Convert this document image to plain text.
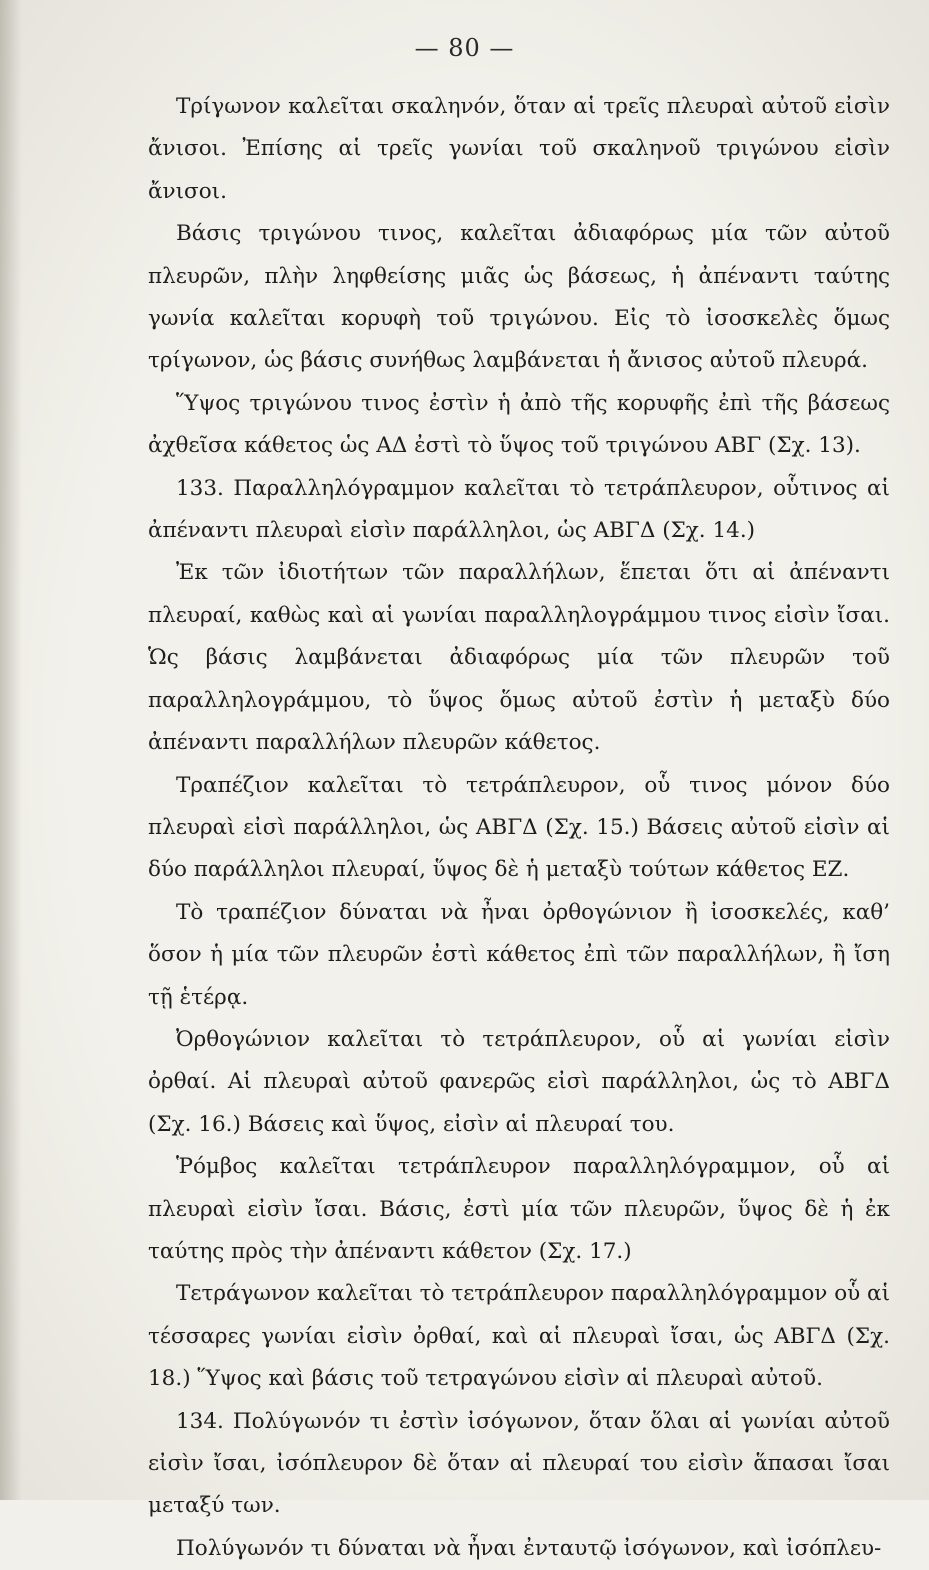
— 80 —

Τρίγωνον καλεῖται σκαληνόν, ὅταν αἱ τρεῖς πλευραὶ αὐτοῦ εἰσὶν ἄνισοι. Ἐπίσης αἱ τρεῖς γωνίαι τοῦ σκαληνοῦ τριγώνου εἰσὶν ἄνισοι.

Βάσις τριγώνου τινος, καλεῖται ἀδιαφόρως μία τῶν αὐτοῦ πλευρῶν, πλὴν ληφθείσης μιᾶς ὡς βάσεως, ἡ ἀπέναντι ταύτης γωνία καλεῖται κορυφὴ τοῦ τριγώνου. Εἰς τὸ ἰσοσκελὲς ὅμως τρίγωνον, ὡς βάσις συνήθως λαμβάνεται ἡ ἄνισος αὐτοῦ πλευρά.

Ὕψος τριγώνου τινος ἐστὶν ἡ ἀπὸ τῆς κορυφῆς ἐπὶ τῆς βάσεως ἀχθεῖσα κάθετος ὡς ΑΔ ἐστὶ τὸ ὕψος τοῦ τριγώνου ΑΒΓ (Σχ. 13).

133. Παραλληλόγραμμον καλεῖται τὸ τετράπλευρον, οὗτινος αἱ ἀπέναντι πλευραὶ εἰσὶν παράλληλοι, ὡς ΑΒΓΔ (Σχ. 14.)

Ἐκ τῶν ἰδιοτήτων τῶν παραλλήλων, ἕπεται ὅτι αἱ ἀπέναντι πλευραί, καθὼς καὶ αἱ γωνίαι παραλληλογράμμου τινος εἰσὶν ἴσαι. Ὡς βάσις λαμβάνεται ἀδιαφόρως μία τῶν πλευρῶν τοῦ παραλληλογράμμου, τὸ ὕψος ὅμως αὐτοῦ ἐστὶν ἡ μεταξὺ δύο ἀπέναντι παραλλήλων πλευρῶν κάθετος.

Τραπέζιον καλεῖται τὸ τετράπλευρον, οὗ τινος μόνον δύο πλευραὶ εἰσὶ παράλληλοι, ὡς ΑΒΓΔ (Σχ. 15.) Βάσεις αὐτοῦ εἰσὶν αἱ δύο παράλληλοι πλευραί, ὕψος δὲ ἡ μεταξὺ τούτων κάθετος ΕΖ.

Τὸ τραπέζιον δύναται νὰ ἦναι ὀρθογώνιον ἢ ἰσοσκελές, καθ’ ὅσον ἡ μία τῶν πλευρῶν ἐστὶ κάθετος ἐπὶ τῶν παραλλήλων, ἢ ἴση τῇ ἑτέρᾳ.

Ὀρθογώνιον καλεῖται τὸ τετράπλευρον, οὗ αἱ γωνίαι εἰσὶν ὀρθαί. Αἱ πλευραὶ αὐτοῦ φανερῶς εἰσὶ παράλληλοι, ὡς τὸ ΑΒΓΔ (Σχ. 16.) Βάσεις καὶ ὕψος, εἰσὶν αἱ πλευραί του.

Ῥόμβος καλεῖται τετράπλευρον παραλληλόγραμμον, οὗ αἱ πλευραὶ εἰσὶν ἴσαι. Βάσις, ἐστὶ μία τῶν πλευρῶν, ὕψος δὲ ἡ ἐκ ταύτης πρὸς τὴν ἀπέναντι κάθετον (Σχ. 17.)

Τετράγωνον καλεῖται τὸ τετράπλευρον παραλληλόγραμμον οὗ αἱ τέσσαρες γωνίαι εἰσὶν ὀρθαί, καὶ αἱ πλευραὶ ἴσαι, ὡς ΑΒΓΔ (Σχ. 18.) Ὕψος καὶ βάσις τοῦ τετραγώνου εἰσὶν αἱ πλευραὶ αὐτοῦ.

134. Πολύγωνόν τι ἐστὶν ἰσόγωνον, ὅταν ὅλαι αἱ γωνίαι αὐτοῦ εἰσὶν ἴσαι, ἰσόπλευρον δὲ ὅταν αἱ πλευραί του εἰσὶν ἅπασαι ἴσαι μεταξύ των.

Πολύγωνόν τι δύναται νὰ ἦναι ἐνταυτῷ ἰσόγωνον, καὶ ἰσόπλευ-
